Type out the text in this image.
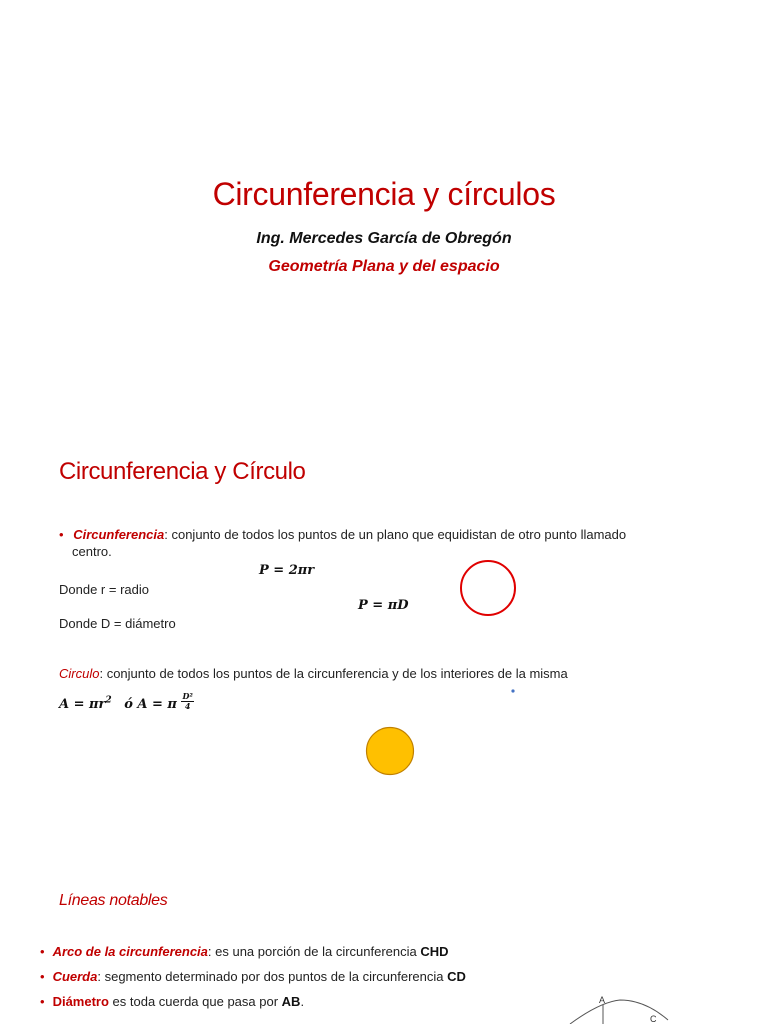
Circunferencia y círculos
Ing. Mercedes García de Obregón
Geometría Plana y del espacio
Circunferencia y Círculo
• Circunferencia: conjunto de todos los puntos de un plano que equidistan de otro punto llamado
centro.
P = 2πr
Donde r = radio
P = πD
Donde D = diámetro
Circulo: conjunto de todos los puntos de la circunferencia y de los interiores de la misma
$A = \pi r^2$ ó A = π $\frac{\text{D²}}{4}$
Líneas notables
• Arco de la circunferencia: es una porción de la circunferencia CHD
• Cuerda: segmento determinado por dos puntos de la circunferencia CD
• Diámetro es toda cuerda que pasa por AB.	A
C
